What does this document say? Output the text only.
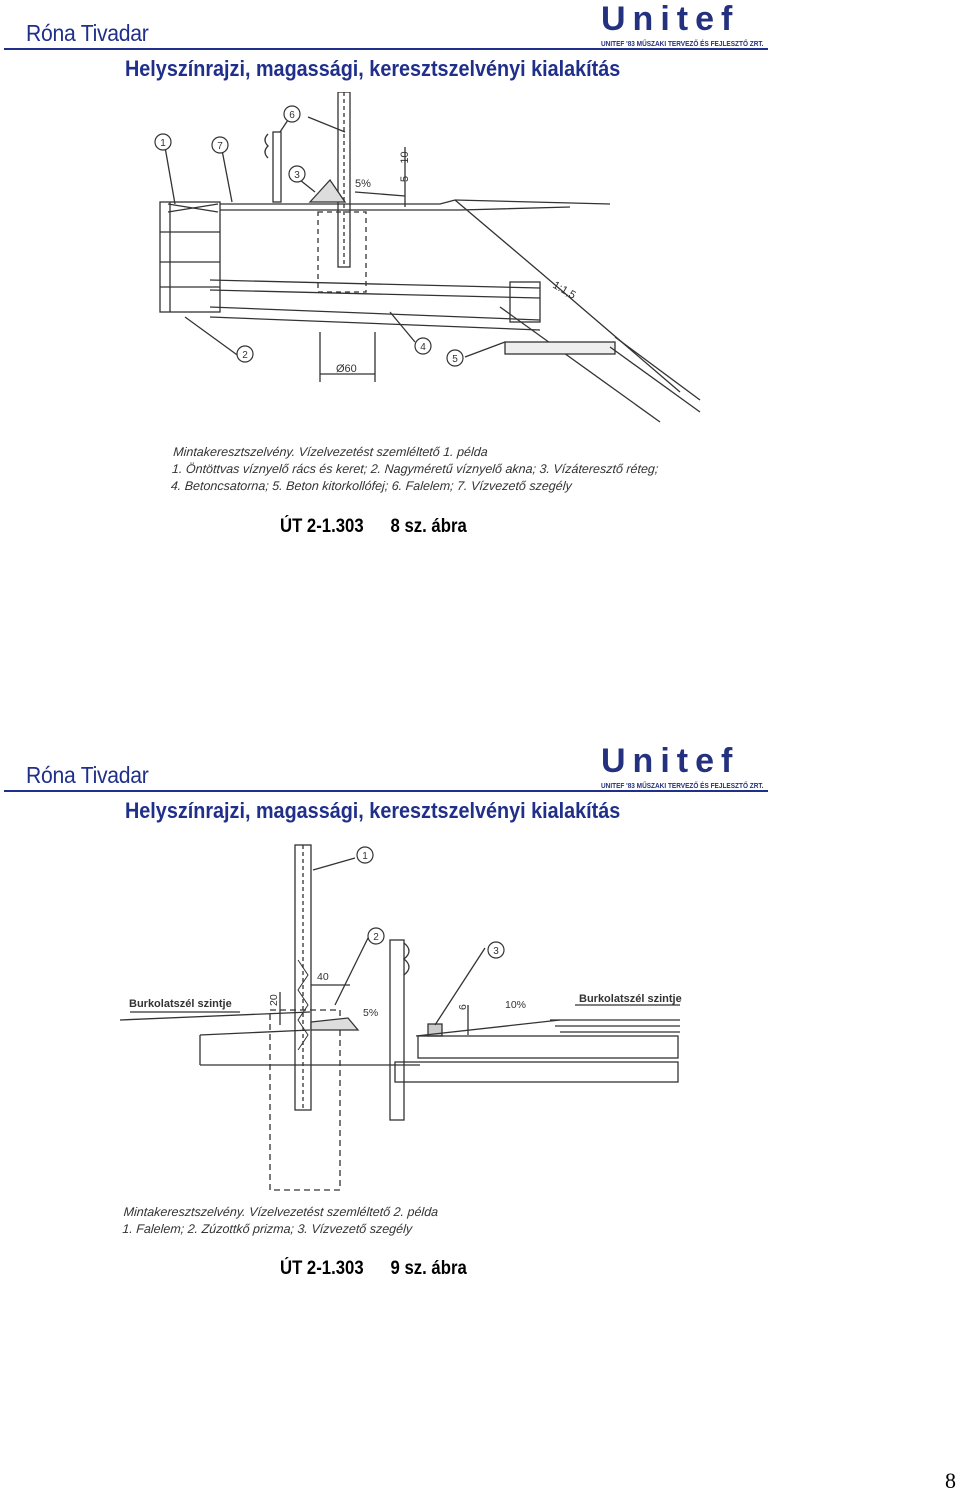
Róna Tivadar	Unitef
UNITEF '83 MŰSZAKI TERVEZŐ ÉS FEJLESZTŐ ZRT.
Helyszínrajzi, magassági, keresztszelvényi kialakítás
1
2
3
4
5
6
7
5%
5 – 10
1:1,5
Ø60
Mintakeresztszelvény. Vízelvezetést szemléltető 1. példa
1. Öntöttvas víznyelő rács és keret; 2. Nagyméretű víznyelő akna; 3. Vízáteresztő réteg;
4. Betoncsatorna; 5. Beton kitorkollófej; 6. Falelem; 7. Vízvezető szegély
ÚT 2-1.303 8 sz. ábra
Róna Tivadar	Unitef
UNITEF '83 MŰSZAKI TERVEZŐ ÉS FEJLESZTŐ ZRT.
Helyszínrajzi, magassági, keresztszelvényi kialakítás
1
2
3
Burkolatszél szintje	Burkolatszél szintje
20
40
5%	6	10%
Mintakeresztszelvény. Vízelvezetést szemléltető 2. példa
1. Falelem; 2. Zúzottkő prizma; 3. Vízvezető szegély
ÚT 2-1.303 9 sz. ábra
8
